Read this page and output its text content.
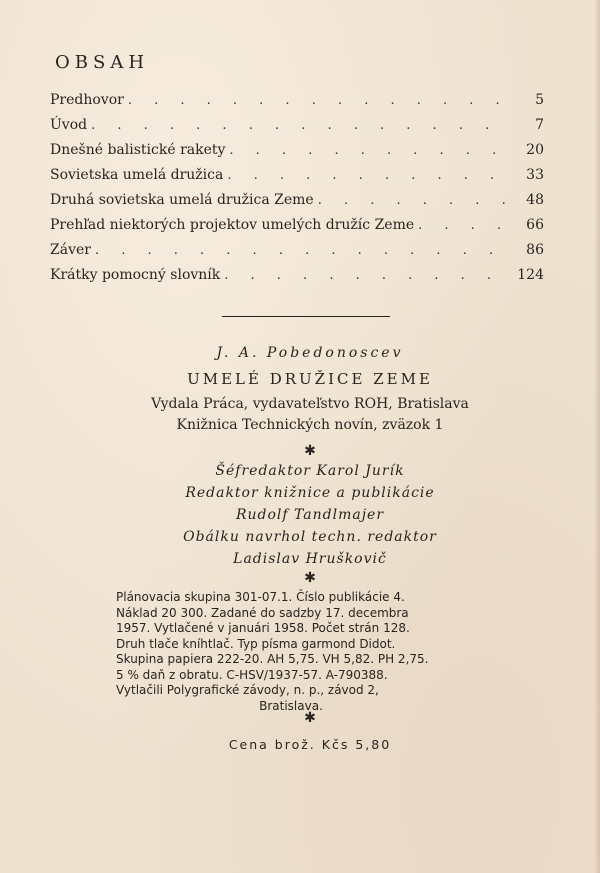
OBSAH
Predhovor . . .	5
Úvod . . .	7
Dnešné balistické rakety . . .	20
Sovietska umelá družica . . .	33
Druhá sovietska umelá družica Zeme . . .	48
Prehľad niektorých projektov umelých družíc Zeme . . .	66
Záver . . .	86
Krátky pomocný slovník . . .	124
J. A. Pobedonoscev
UMELÉ DRUŽICE ZEME
Vydala Práca, vydavateľstvo ROH, Bratislava
Knižnica Technických novín, zväzok 1
✱
Šéfredaktor Karol Jurík
Redaktor knižnice a publikácie
Rudolf Tandlmajer
Obálku navrhol techn. redaktor
Ladislav Hruškovič
✱
Plánovacia skupina 301-07.1. Číslo publikácie 4.
Náklad 20 300. Zadané do sadzby 17. decembra
1957. Vytlačené v januári 1958. Počet strán 128.
Druh tlače kníhtlač. Typ písma garmond Didot.
Skupina papiera 222-20. AH 5,75. VH 5,82. PH 2,75.
5 % daň z obratu. C-HSV/1937-57. A-790388.
Vytlačili Polygrafické závody, n. p., závod 2,
Bratislava.
✱
Cena brož. Kčs 5,80
